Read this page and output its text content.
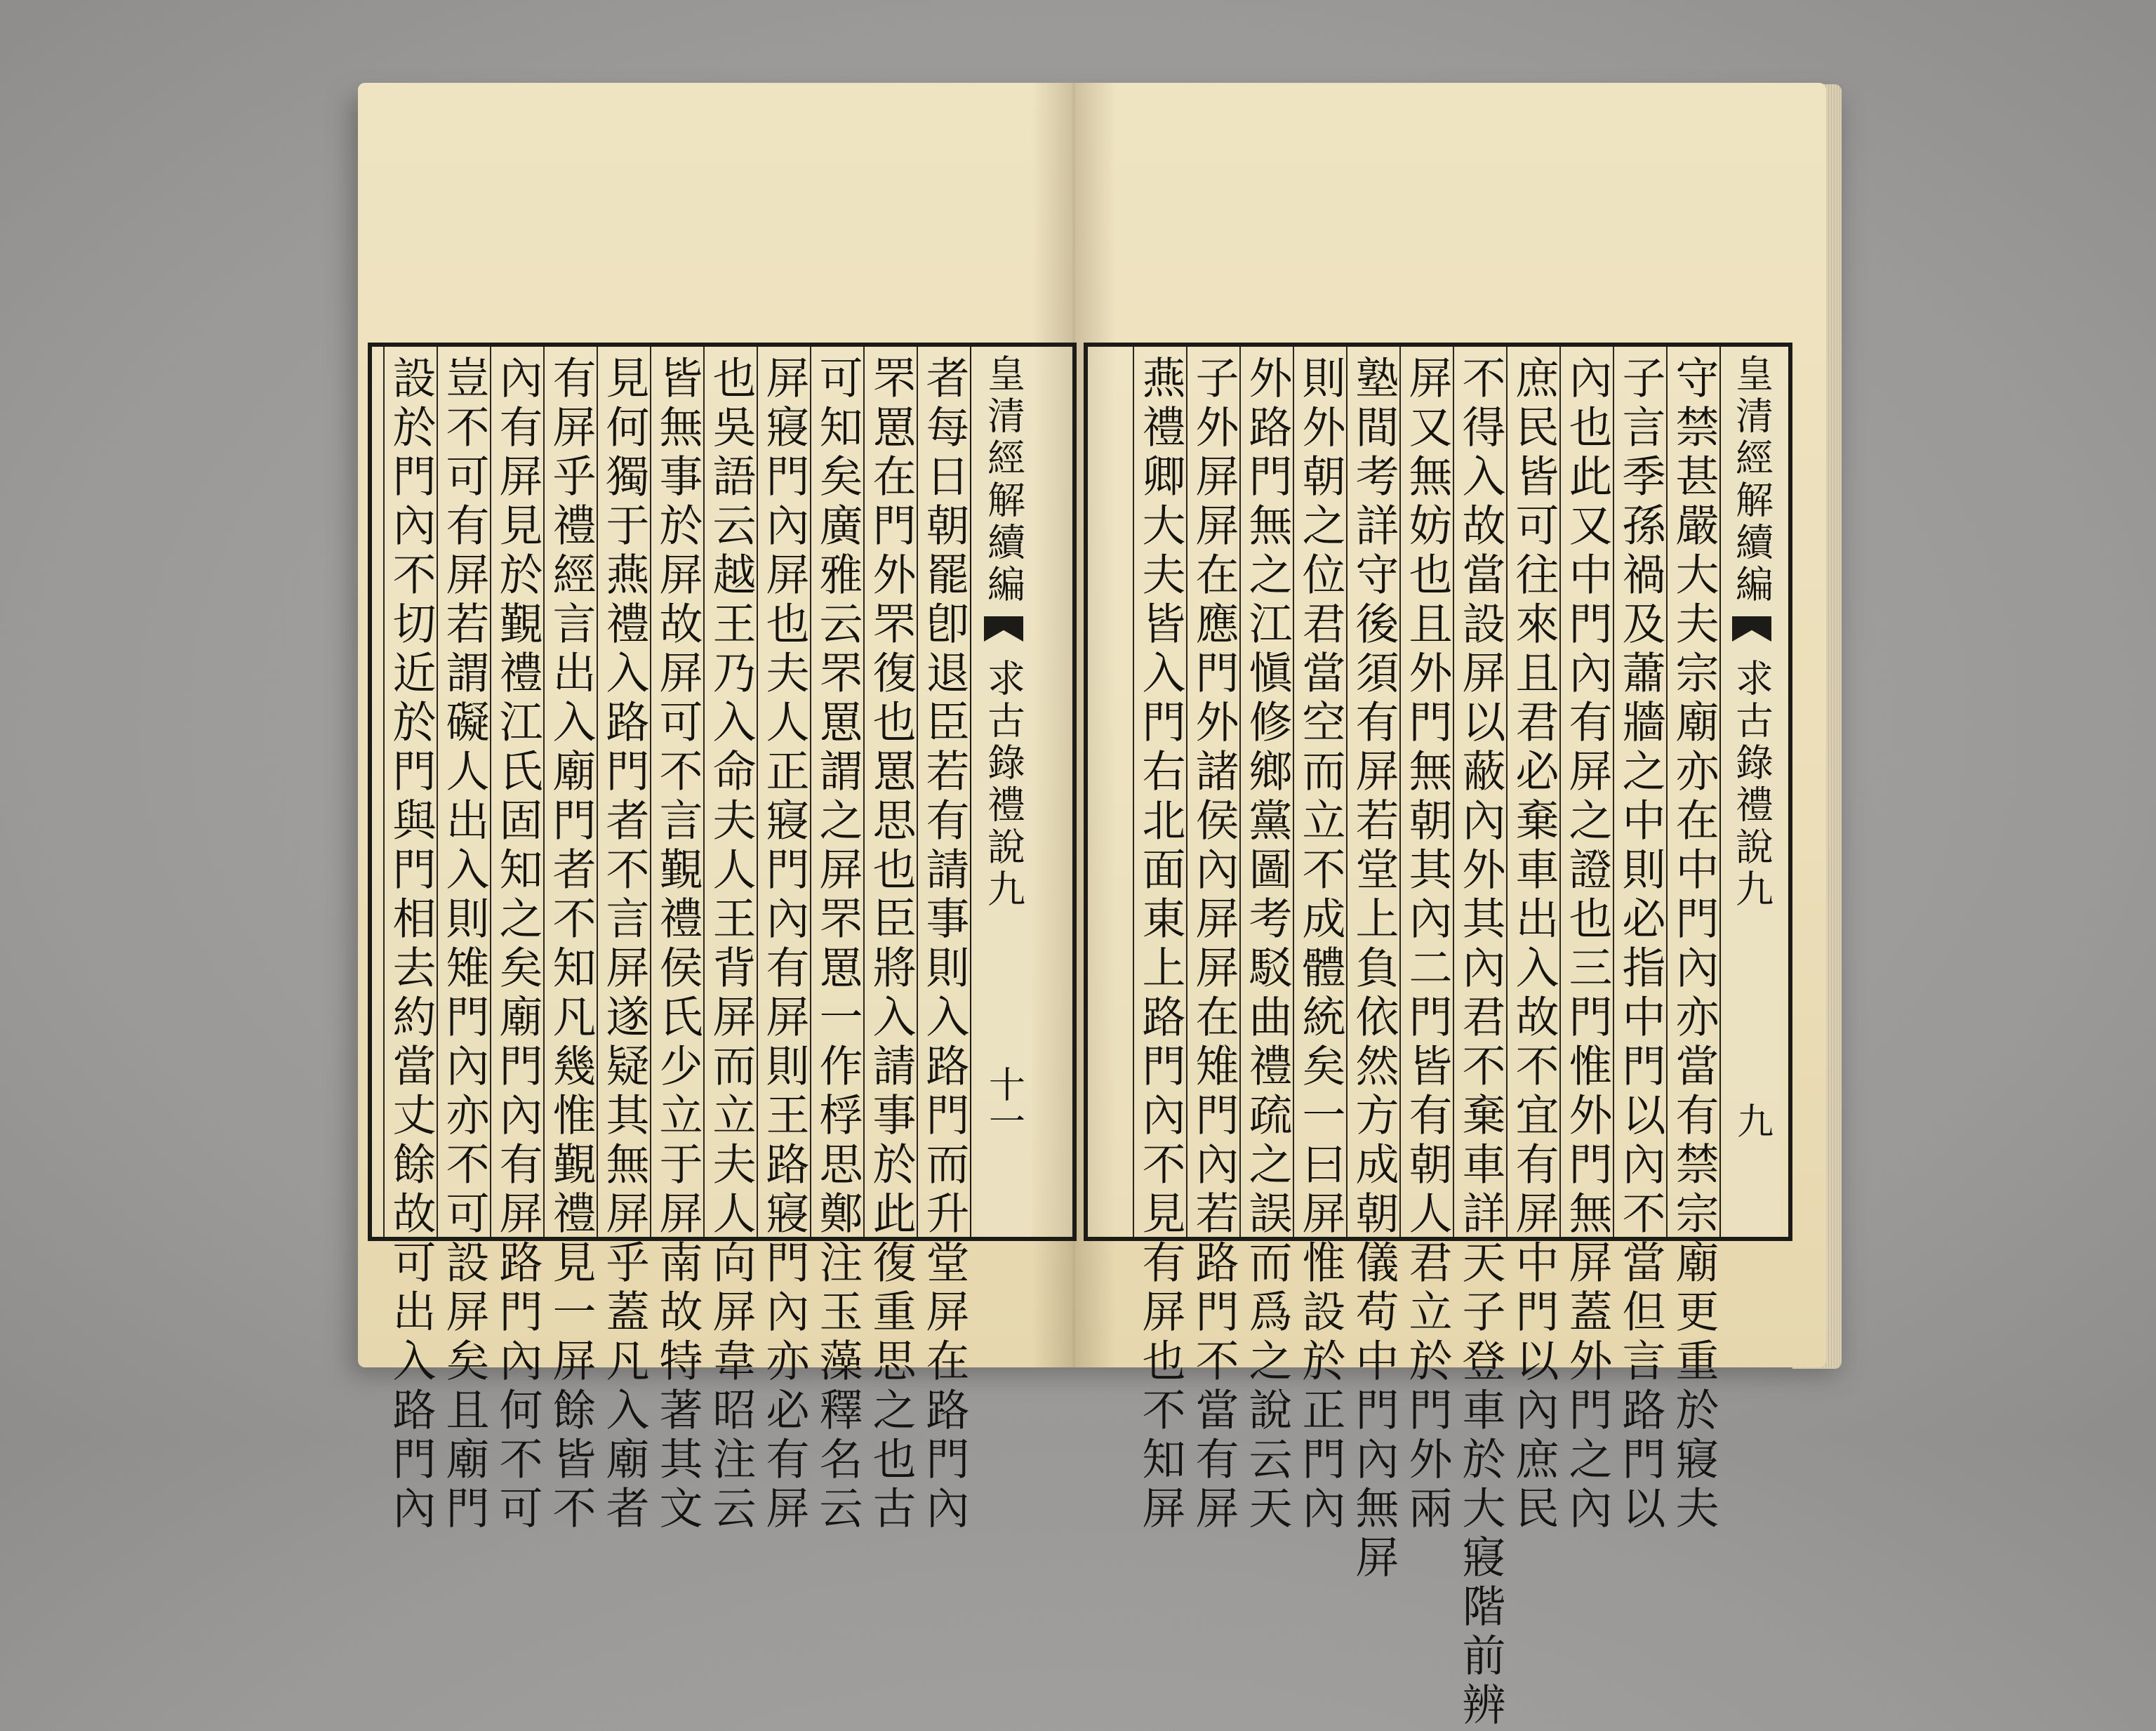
設於門內不切近於門與門相去約當丈餘故可出入路門內 豈不可有屏若謂礙人出入則雉門內亦不可設屏矣且廟門 內有屏見於覲禮江氏固知之矣廟門內有屏路門內何不可 有屏乎禮經言出入廟門者不知凡幾惟覲禮見一屏餘皆不 見何獨于燕禮入路門者不言屏遂疑其無屏乎蓋凡入廟者 皆無事於屏故屏可不言覲禮侯氏少立于屏南故特著其文 也吳語云越王乃入命夫人王背屏而立夫人向屏韋昭注云 屏寢門內屏也夫人正寢門內有屏則王路寢門內亦必有屏 可知矣廣雅云罘罳謂之屏罘罳一作桴思鄭注玉藻釋名云 罘罳在門外罘復也罳思也臣將入請事於此復重思之也古 者每日朝罷卽退臣若有請事則入路門而升堂屏在路門內 皇清經解續編
求古錄禮說九
十一
皇清經解續編
求古錄禮說九
九
守禁甚嚴大夫宗廟亦在中門內亦當有禁宗廟更重於寢夫
子言季孫禍及蕭牆之中則必指中門以內不當但言路門以
內也此又中門內有屏之證也三門惟外門無屏蓋外門之內
庶民皆可往來且君必棄車出入故不宜有屏中門以內庶民
不得入故當設屏以蔽內外其內君不棄車詳天子登車於大寢階前辨
屏又無妨也且外門無朝其內二門皆有朝人君立於門外兩
塾間考詳守後須有屏若堂上負依然方成朝儀苟中門內無屏
則外朝之位君當空而立不成體統矣一曰屏惟設於正門內
外路門無之江愼修鄉黨圖考駁曲禮疏之誤而爲之說云天
子外屏屏在應門外諸侯內屏屏在雉門內若路門不當有屏
燕禮卿大夫皆入門右北面東上路門內不見有屏也不知屏
